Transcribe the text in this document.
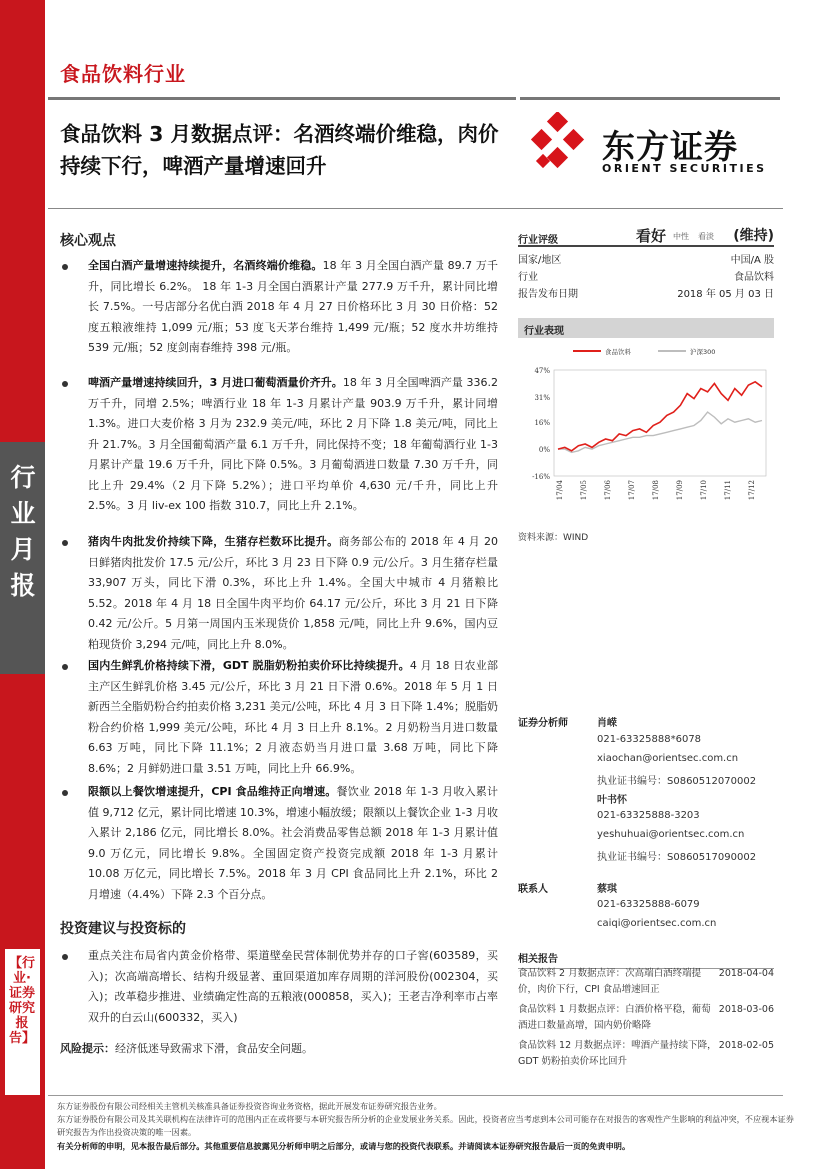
行业月报
【行业·证券研究报告】
食品饮料行业
食品饮料 3 月数据点评：名酒终端价维稳，肉价持续下行，啤酒产量增速回升	东方证券
ORIENT SECURITIES
核心观点
全国白酒产量增速持续提升，名酒终端价维稳。18 年 3 月全国白酒产量 89.7 万千升，同比增长 6.2%。 18 年 1-3 月全国白酒累计产量 277.9 万千升，累计同比增长 7.5%。一号店部分名优白酒 2018 年 4 月 27 日价格环比 3 月 30 日价格：52 度五粮液维持 1,099 元/瓶；53 度飞天茅台维持 1,499 元/瓶；52 度水井坊维持 539 元/瓶；52 度剑南春维持 398 元/瓶。
啤酒产量增速持续回升，3 月进口葡萄酒量价齐升。18 年 3 月全国啤酒产量 336.2 万千升，同增 2.5%；啤酒行业 18 年 1-3 月累计产量 903.9 万千升，累计同增 1.3%。进口大麦价格 3 月为 232.9 美元/吨，环比 2 月下降 1.8 美元/吨，同比上升 21.7%。3 月全国葡萄酒产量 6.1 万千升，同比保持不变；18 年葡萄酒行业 1-3 月累计产量 19.6 万千升，同比下降 0.5%。3 月葡萄酒进口数量 7.30 万千升，同比上升 29.4%（2 月下降 5.2%）；进口平均单价 4,630 元/千升，同比上升 2.5%。3 月 liv-ex 100 指数 310.7，同比上升 2.1%。
猪肉牛肉批发价持续下降，生猪存栏数环比提升。商务部公布的 2018 年 4 月 20 日鲜猪肉批发价 17.5 元/公斤，环比 3 月 23 日下降 0.9 元/公斤。3 月生猪存栏量 33,907 万头，同比下滑 0.3%，环比上升 1.4%。全国大中城市 4 月猪粮比 5.52。2018 年 4 月 18 日全国牛肉平均价 64.17 元/公斤，环比 3 月 21 日下降 0.42 元/公斤。5 月第一周国内玉米现货价 1,858 元/吨，同比上升 9.6%，国内豆粕现货价 3,294 元/吨，同比上升 8.0%。
国内生鲜乳价格持续下滑，GDT 脱脂奶粉拍卖价环比持续提升。4 月 18 日农业部主产区生鲜乳价格 3.45 元/公斤，环比 3 月 21 日下滑 0.6%。2018 年 5 月 1 日新西兰全脂奶粉合约拍卖价格 3,231 美元/公吨，环比 4 月 3 日下降 1.4%；脱脂奶粉合约价格 1,999 美元/公吨，环比 4 月 3 日上升 8.1%。2 月奶粉当月进口数量 6.63 万吨，同比下降 11.1%；2 月液态奶当月进口量 3.68 万吨，同比下降 8.6%；2 月鲜奶进口量 3.51 万吨，同比上升 66.9%。
限额以上餐饮增速提升，CPI 食品维持正向增速。餐饮业 2018 年 1-3 月收入累计值 9,712 亿元，累计同比增速 10.3%，增速小幅放缓；限额以上餐饮企业 1-3 月收入累计 2,186 亿元，同比增长 8.0%。社会消费品零售总额 2018 年 1-3 月累计值 9.0 万亿元，同比增长 9.8%。全国固定资产投资完成额 2018 年 1-3 月累计 10.08 万亿元，同比增长 7.5%。2018 年 3 月 CPI 食品同比上升 2.1%，环比 2 月增速（4.4%）下降 2.3 个百分点。
投资建议与投资标的
重点关注布局省内黄金价格带、渠道壁垒民营体制优势并存的口子窖(603589，买入)；次高端高增长、结构升级显著、重回渠道加库存周期的洋河股份(002304，买入)；改革稳步推进、业绩确定性高的五粮液(000858，买入)；王老吉净利率市占率双升的白云山(600332，买入)
风险提示：经济低迷导致需求下滑，食品安全问题。
行业评级	看好 中性 看淡 (维持)
国家/地区	中国/A 股
行业	食品饮料
报告发布日期	2018 年 05 月 03 日
行业表现
食品饮料	沪深300
47%
31%
16%
0%
-16%
17/04 17/05 17/06 17/07 17/08 17/09 17/10 17/11 17/12
资料来源：WIND
证券分析师	肖嵘
021-63325888*6078
xiaochan@orientsec.com.cn
执业证书编号：S0860512070002
叶书怀
021-63325888-3203
yeshuhuai@orientsec.com.cn
执业证书编号：S0860517090002
联系人	蔡琪
021-63325888-6079
caiqi@orientsec.com.cn
相关报告
食品饮料 2 月数据点评：次高端白酒终端提价，肉价下行，CPI 食品增速回正
2018-04-04
食品饮料 1 月数据点评：白酒价格平稳，葡萄酒进口数量高增，国内奶价略降
2018-03-06
食品饮料 12 月数据点评：啤酒产量持续下降，GDT 奶粉拍卖价环比回升
2018-02-05
东方证券股份有限公司经相关主管机关核准具备证券投资咨询业务资格，据此开展发布证券研究报告业务。
东方证券股份有限公司及其关联机构在法律许可的范围内正在或将要与本研究报告所分析的企业发展业务关系。因此，投资者应当考虑到本公司可能存在对报告的客观性产生影响的利益冲突，不应视本证券研究报告为作出投资决策的唯一因素。
有关分析师的申明，见本报告最后部分。其他重要信息披露见分析师申明之后部分，或请与您的投资代表联系。并请阅读本证券研究报告最后一页的免责申明。
